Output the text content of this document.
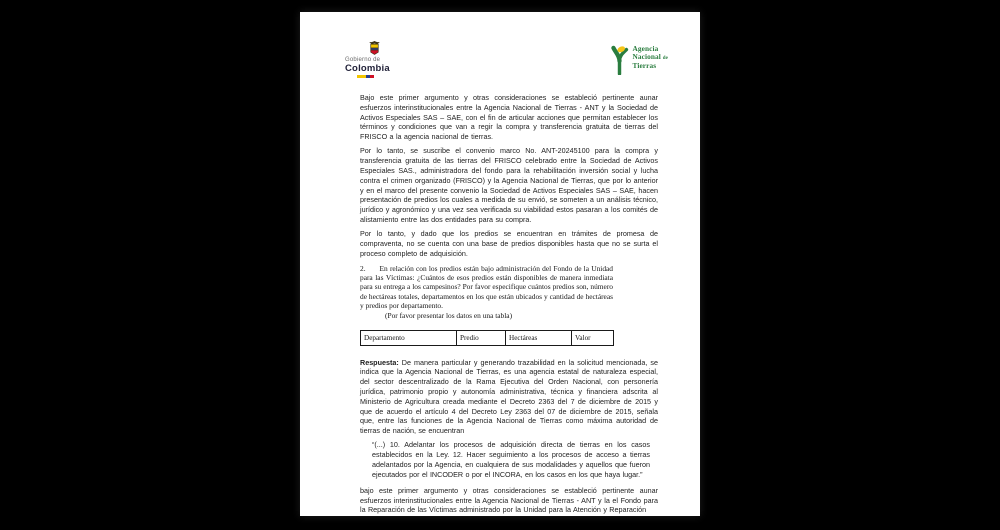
Gobierno de
Colombia
Agencia
Nacional de
Tierras

Bajo este primer argumento y otras consideraciones se estableció pertinente aunar esfuerzos interinstitucionales entre la Agencia Nacional de Tierras - ANT y la Sociedad de Activos Especiales SAS – SAE, con el fin de articular acciones que permitan establecer los términos y condiciones que van a regir la compra y transferencia gratuita de tierras del FRISCO a la agencia nacional de tierras.

Por lo tanto, se suscribe el convenio marco No. ANT-20245100 para la compra y transferencia gratuita de las tierras del FRISCO celebrado entre la Sociedad de Activos Especiales SAS., administradora del fondo para la rehabilitación inversión social y lucha contra el crimen organizado (FRISCO) y la Agencia Nacional de Tierras, que por lo anterior y en el marco del presente convenio la Sociedad de Activos Especiales SAS – SAE, hacen presentación de predios los cuales a medida de su envió, se someten a un análisis técnico, jurídico y agronómico y una vez sea verificada su viabilidad estos pasaran a los comités de alistamiento entre las dos entidades para su compra.

Por lo tanto, y dado que los predios se encuentran en trámites de promesa de compraventa, no se cuenta con una base de predios disponibles hasta que no se surta el proceso completo de adquisición.

2. En relación con los predios están bajo administración del Fondo de la Unidad para las Víctimas: ¿Cuántos de esos predios están disponibles de manera inmediata para su entrega a los campesinos? Por favor especifique cuántos predios son, número de hectáreas totales, departamentos en los que están ubicados y cantidad de hectáreas y predios por departamento.
(Por favor presentar los datos en una tabla)
Departamento	Predio	Hectáreas	Valor

Respuesta: De manera particular y generando trazabilidad en la solicitud mencionada, se indica que la Agencia Nacional de Tierras, es una agencia estatal de naturaleza especial, del sector descentralizado de la Rama Ejecutiva del Orden Nacional, con personería jurídica, patrimonio propio y autonomía administrativa, técnica y financiera adscrita al Ministerio de Agricultura creada mediante el Decreto 2363 del 7 de diciembre de 2015 y que de acuerdo el artículo 4 del Decreto Ley 2363 del 07 de diciembre de 2015, señala que, entre las funciones de la Agencia Nacional de Tierras como máxima autoridad de tierras de nación, se encuentran

“(...) 10. Adelantar los procesos de adquisición directa de tierras en los casos establecidos en la Ley. 12. Hacer seguimiento a los procesos de acceso a tierras adelantados por la Agencia, en cualquiera de sus modalidades y aquellos que fueron ejecutados por el INCODER o por el INCORA, en los casos en los que haya lugar.”

bajo este primer argumento y otras consideraciones se estableció pertinente aunar esfuerzos interinstitucionales entre la Agencia Nacional de Tierras - ANT y la el Fondo para la Reparación de las Víctimas administrado por la Unidad para la Atención y Reparación
